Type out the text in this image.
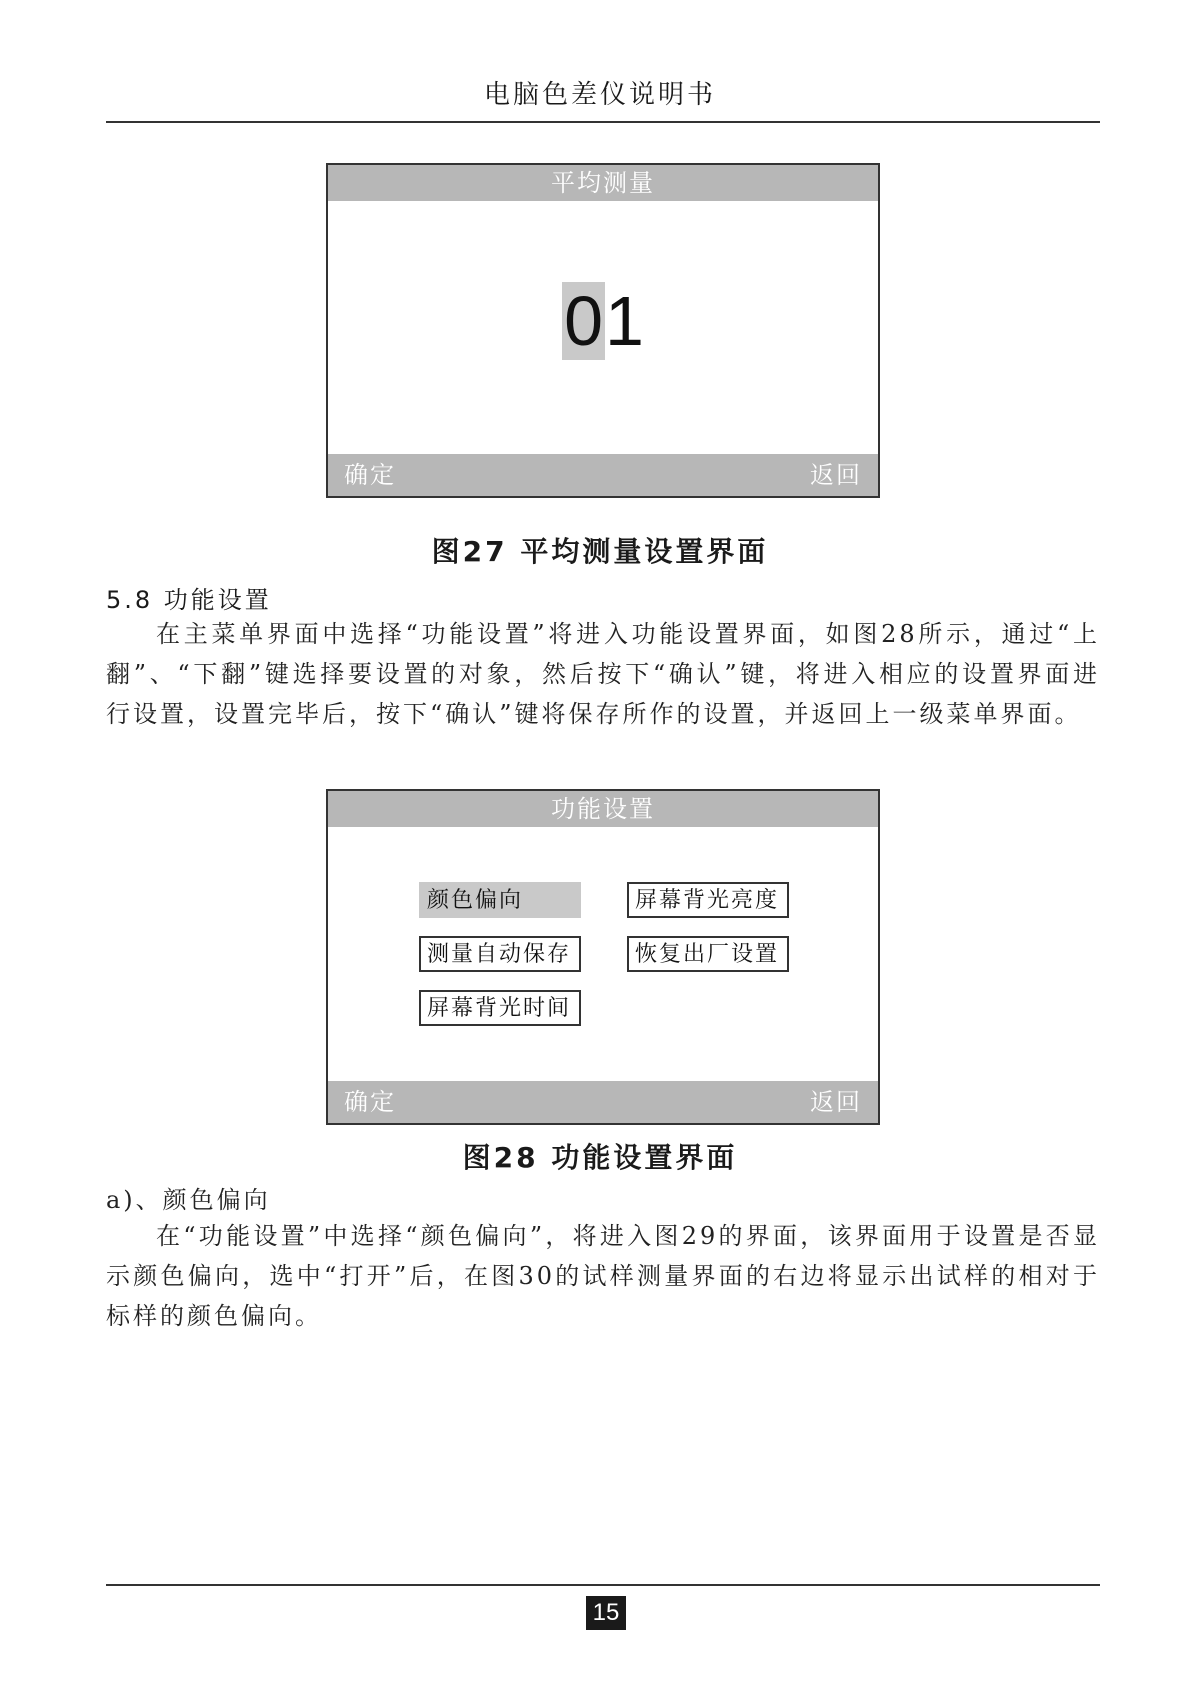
电脑色差仪说明书
平均测量
01
确定	返回
图27 平均测量设置界面
5.8 功能设置

在主菜单界面中选择“功能设置”将进入功能设置界面，如图28所示，通过“上翻”、“下翻”键选择要设置的对象，然后按下“确认”键，将进入相应的设置界面进行设置，设置完毕后，按下“确认”键将保存所作的设置，并返回上一级菜单界面。

功能设置
颜色偏向	屏幕背光亮度
测量自动保存	恢复出厂设置
屏幕背光时间
确定	返回
图28 功能设置界面
a)、颜色偏向

在“功能设置”中选择“颜色偏向”，将进入图29的界面，该界面用于设置是否显示颜色偏向，选中“打开”后，在图30的试样测量界面的右边将显示出试样的相对于标样的颜色偏向。

15
